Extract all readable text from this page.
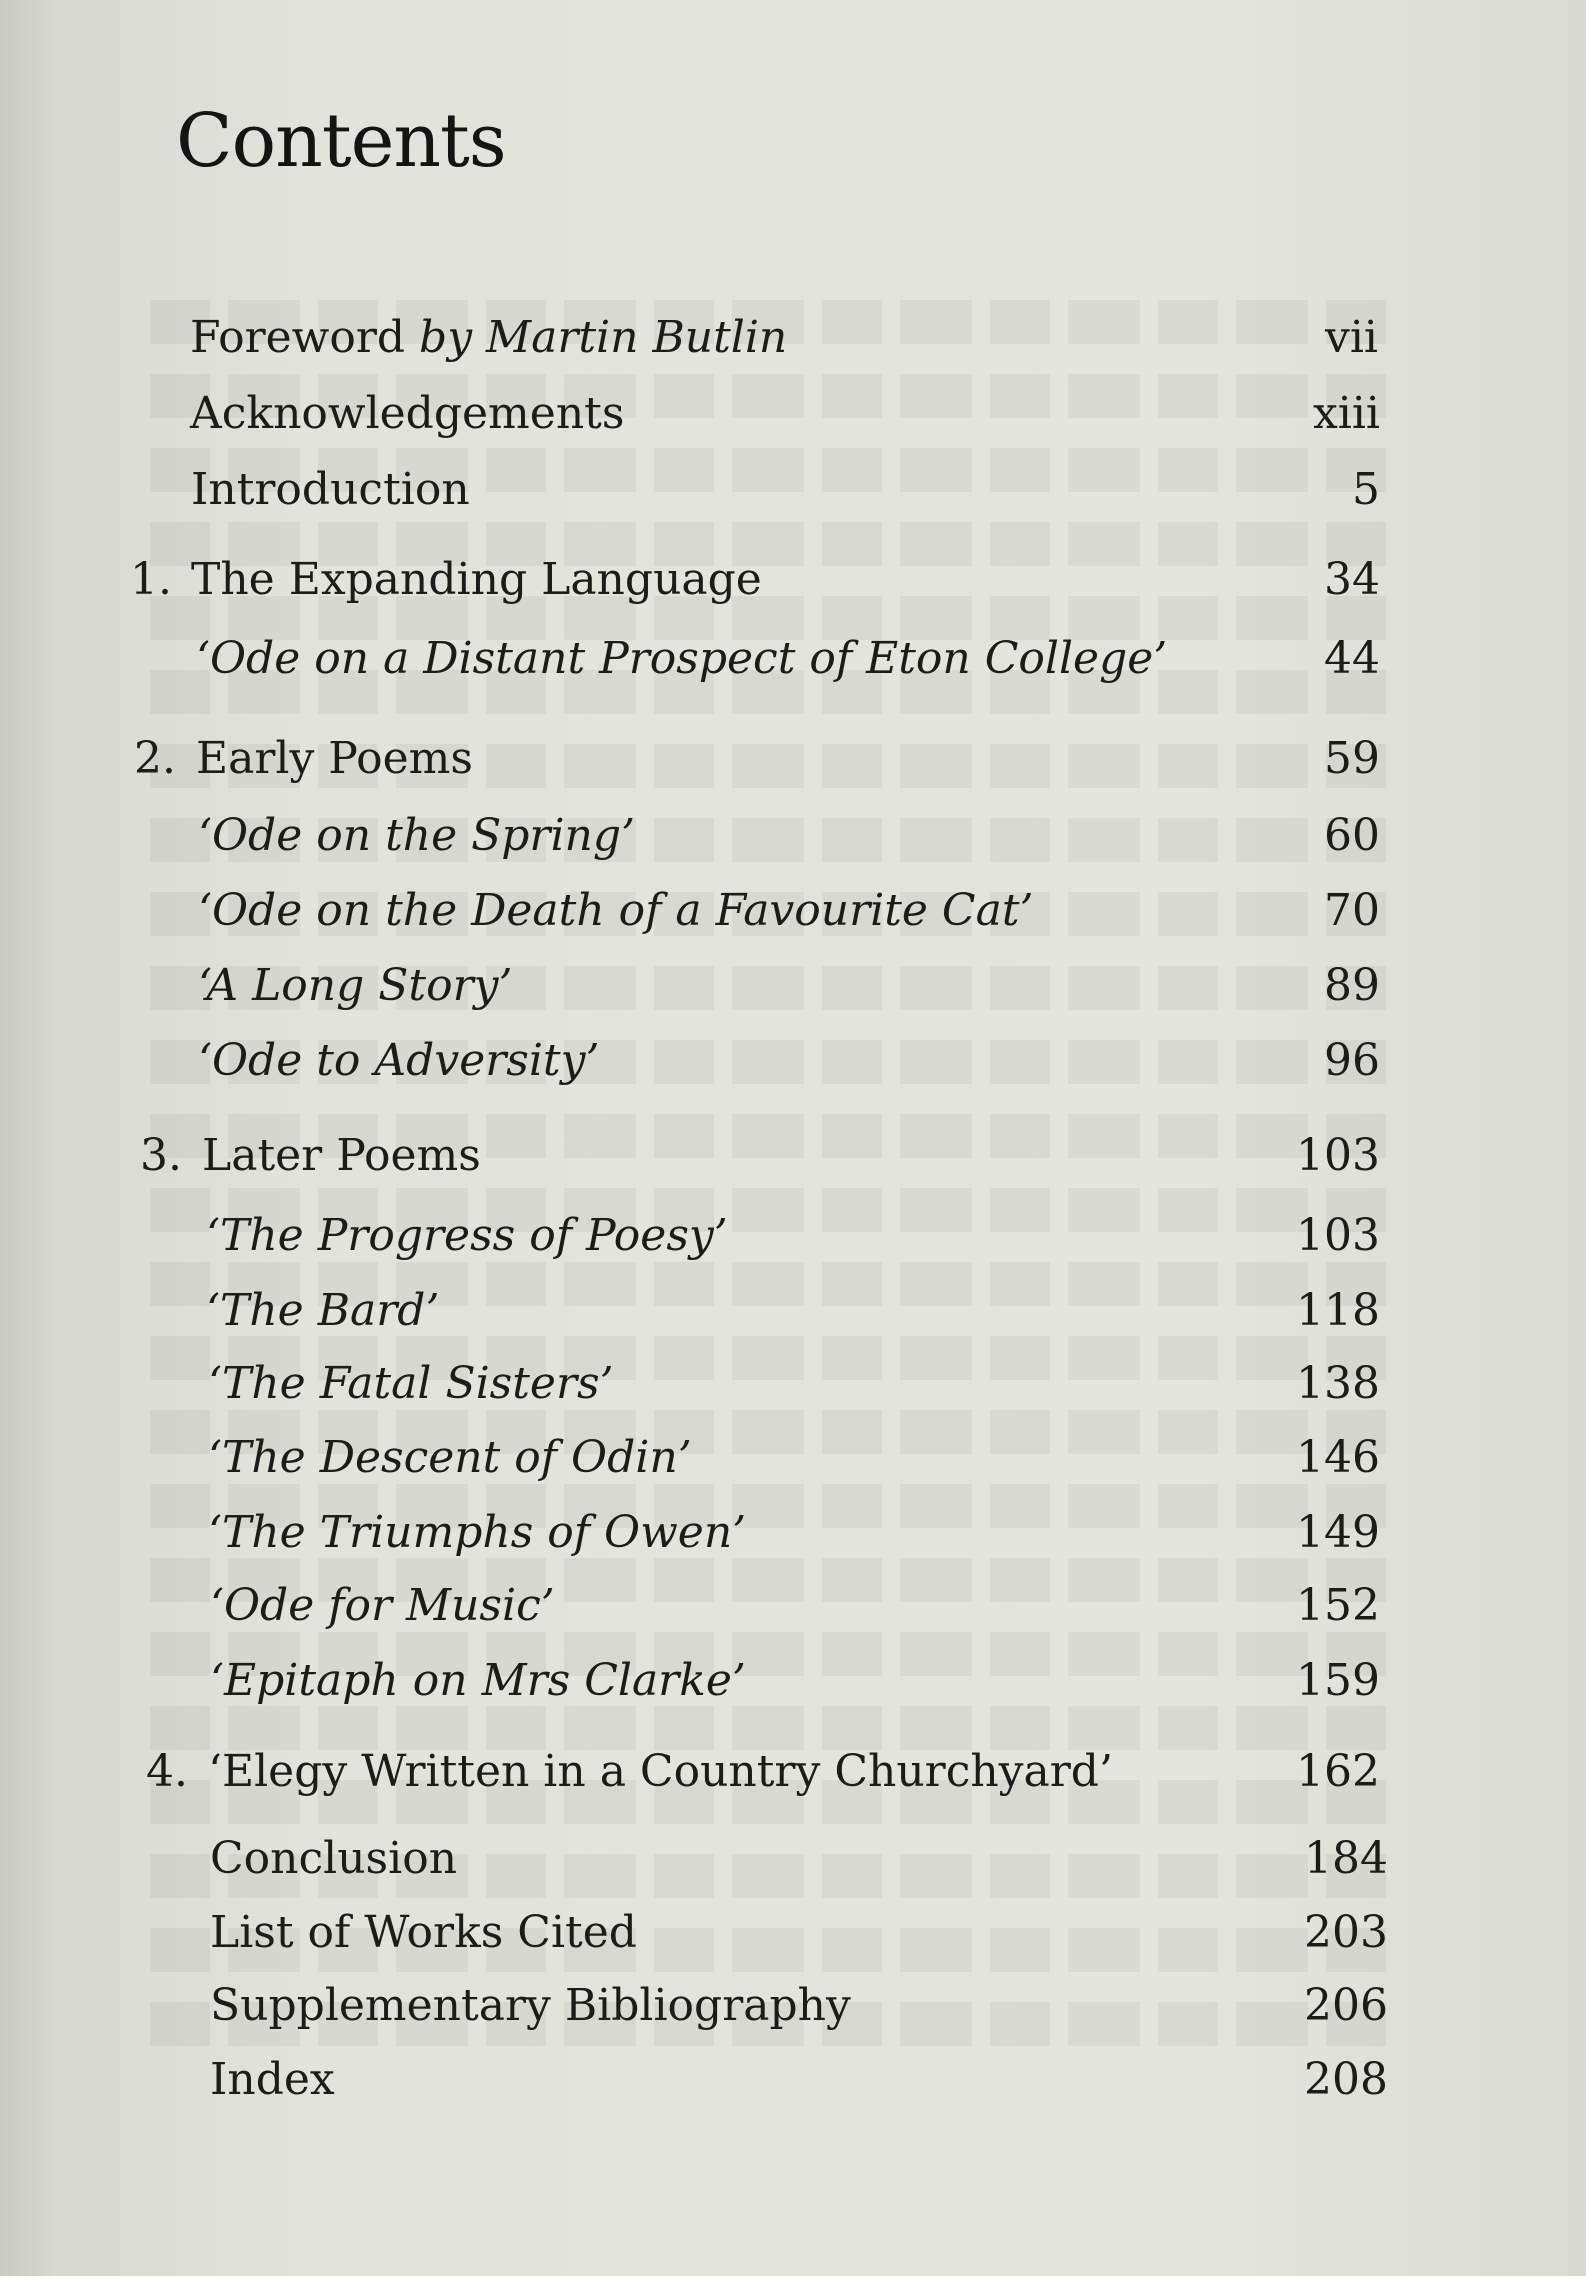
Contents
Foreword by Martin Butlin	vii
Acknowledgements	xiii
Introduction	5
1. The Expanding Language	34
‘Ode on a Distant Prospect of Eton College’	44
2. Early Poems	59
‘Ode on the Spring’	60
‘Ode on the Death of a Favourite Cat’	70
‘A Long Story’	89
‘Ode to Adversity’	96
3. Later Poems	103
‘The Progress of Poesy’	103
‘The Bard’	118
‘The Fatal Sisters’	138
‘The Descent of Odin’	146
‘The Triumphs of Owen’	149
‘Ode for Music’	152
‘Epitaph on Mrs Clarke’	159
4. ‘Elegy Written in a Country Churchyard’	162
Conclusion	184
List of Works Cited	203
Supplementary Bibliography	206
Index	208
